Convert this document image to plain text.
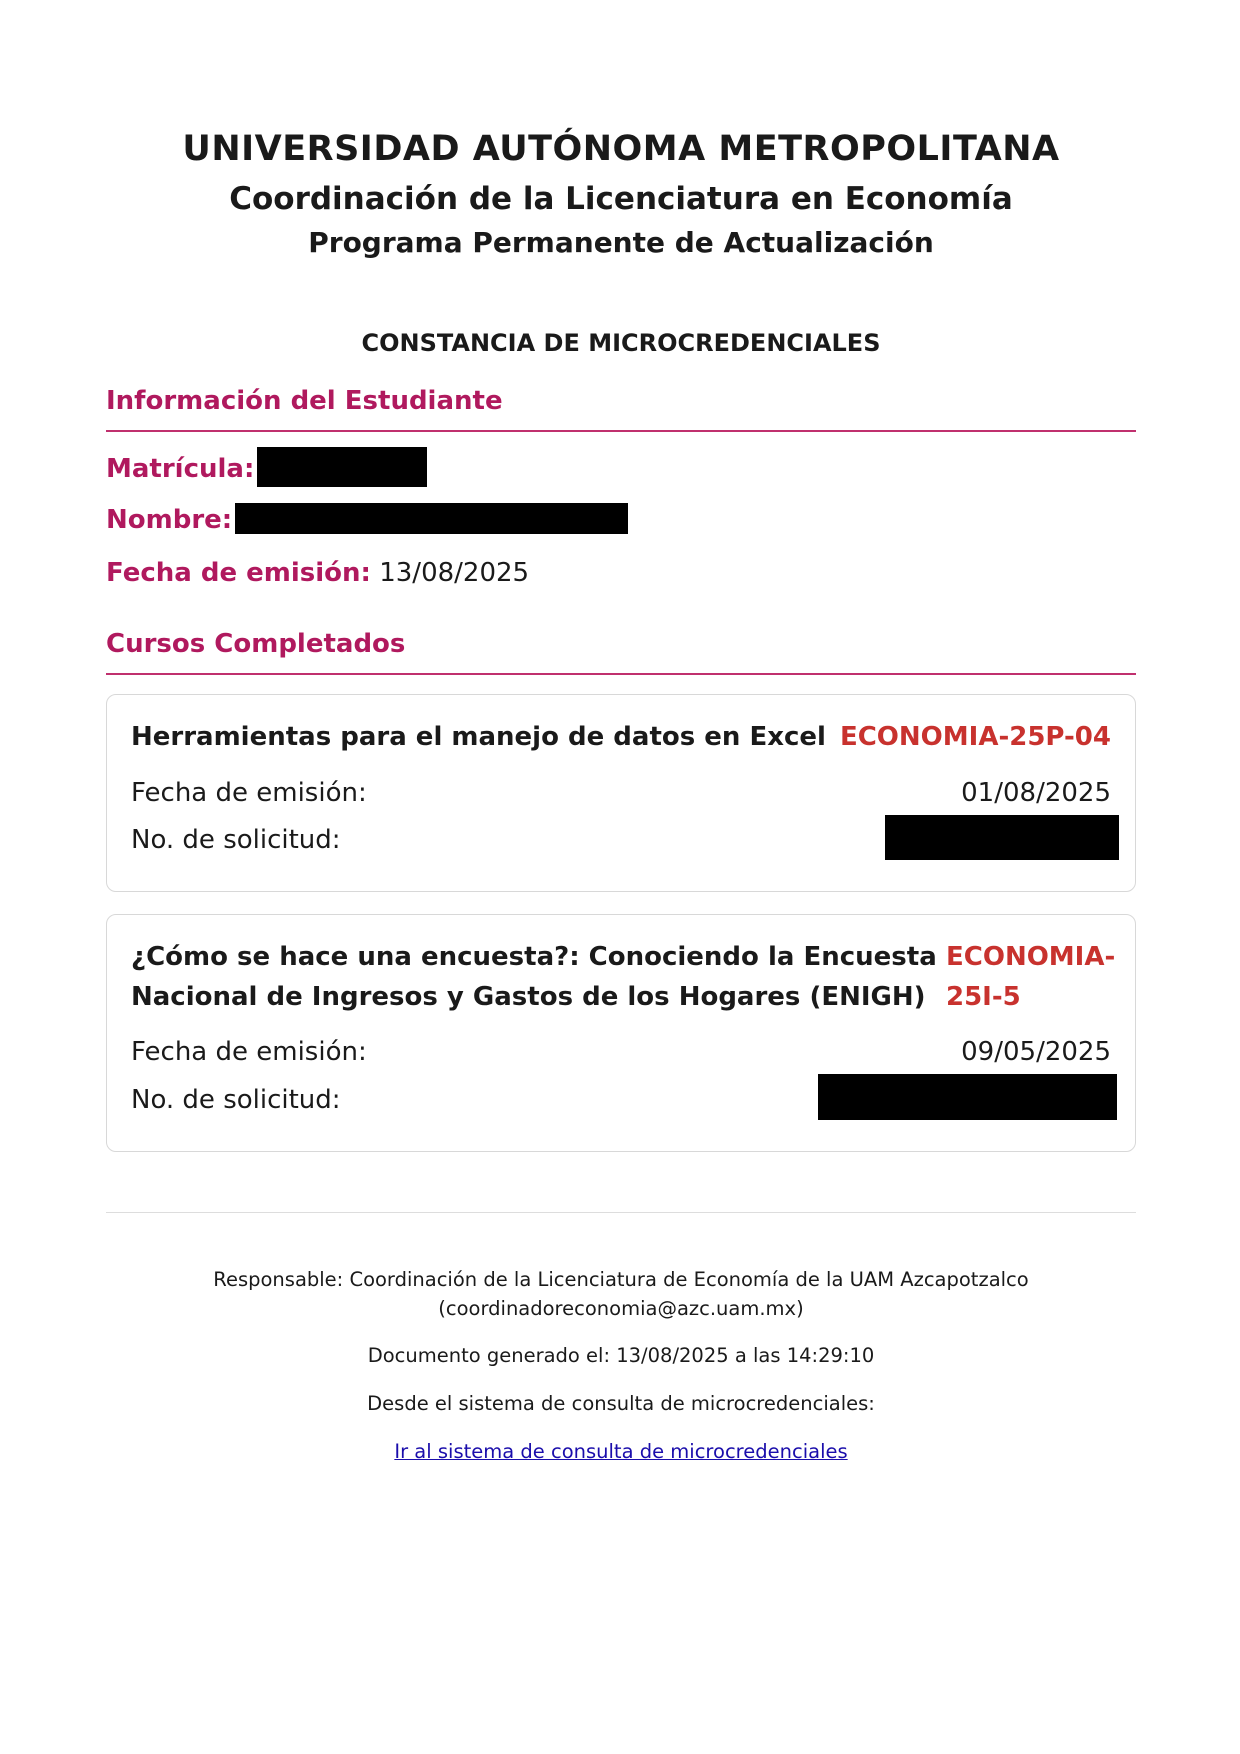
UNIVERSIDAD AUTÓNOMA METROPOLITANA
Coordinación de la Licenciatura en Economía
Programa Permanente de Actualización
CONSTANCIA DE MICROCREDENCIALES
Información del Estudiante
Matrícula:
Nombre:
Fecha de emisión: 13/08/2025
Cursos Completados
Herramientas para el manejo de datos en Excel ECONOMIA-25P-04
Fecha de emisión:	01/08/2025
No. de solicitud:
¿Cómo se hace una encuesta?: Conociendo la Encuesta
Nacional de Ingresos y Gastos de los Hogares (ENIGH)
ECONOMIA-
25I-5
Fecha de emisión:	09/05/2025
No. de solicitud:
Responsable: Coordinación de la Licenciatura de Economía de la UAM Azcapotzalco
(coordinadoreconomia@azc.uam.mx)
Documento generado el: 13/08/2025 a las 14:29:10
Desde el sistema de consulta de microcredenciales:
Ir al sistema de consulta de microcredenciales
